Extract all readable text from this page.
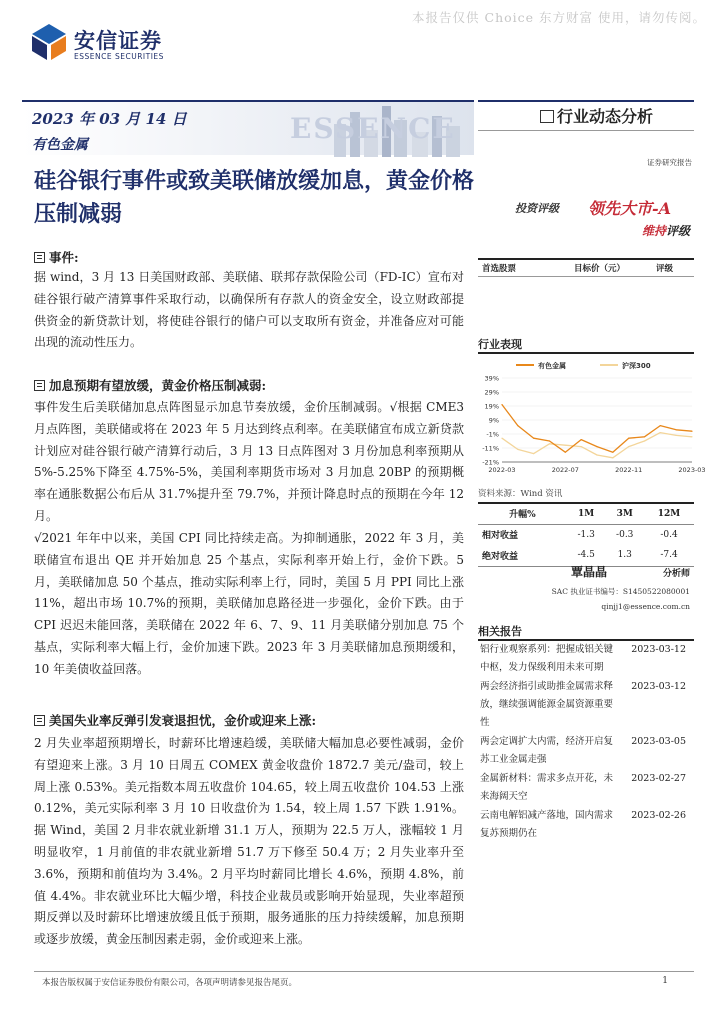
本报告仅供 Choice 东方财富 使用，请勿传阅。
安信证券
ESSENCE SECURITIES
ESSENCE
2023 年 03 月 14 日
有色金属
行业动态分析
证券研究报告
硅谷银行事件或致美联储放缓加息，黄金价格压制减弱	投资评级 领先大市-A
维持评级
事件:

据 wind，3 月 13 日美国财政部、美联储、联邦存款保险公司（FD-IC）宣布对硅谷银行破产清算事件采取行动，以确保所有存款人的资金安全，设立财政部提供资金的新贷款计划，将使硅谷银行的储户可以支取所有资金，并准备应对可能出现的流动性压力。

加息预期有望放缓，黄金价格压制减弱:

事件发生后美联储加息点阵图显示加息节奏放缓，金价压制减弱。√根据 CME3 月点阵图，美联储或将在 2023 年 5 月达到终点利率。在美联储宣布成立新贷款计划应对硅谷银行破产清算行动后，3 月 13 日点阵图对 3 月份加息利率预期从 5%-5.25%下降至 4.75%-5%，美国利率期货市场对 3 月加息 20BP 的预期概率在通胀数据公布后从 31.7%提升至 79.7%，并预计降息时点的预期在今年 12 月。

√2021 年年中以来，美国 CPI 同比持续走高。为抑制通胀，2022 年 3 月，美联储宣布退出 QE 并开始加息 25 个基点，实际利率开始上行，金价下跌。5 月，美联储加息 50 个基点，推动实际利率上行，同时，美国 5 月 PPI 同比上涨 11%，超出市场 10.7%的预期，美联储加息路径进一步强化，金价下跌。由于 CPI 迟迟未能回落，美联储在 2022 年 6、7、9、11 月美联储分别加息 75 个基点，实际利率大幅上行，金价加速下跌。2023 年 3 月美联储加息预期缓和，10 年美债收益回落。

美国失业率反弹引发衰退担忧，金价或迎来上涨:

2 月失业率超预期增长，时薪环比增速趋缓，美联储大幅加息必要性减弱，金价有望迎来上涨。3 月 10 日周五 COMEX 黄金收盘价 1872.7 美元/盎司，较上周上涨 0.53%。美元指数本周五收盘价 104.65，较上周五收盘价 104.53 上涨 0.12%，美元实际利率 3 月 10 日收盘价为 1.54，较上周 1.57 下跌 1.91%。据 Wind，美国 2 月非农就业新增 31.1 万人，预期为 22.5 万人，涨幅较 1 月明显收窄，1 月前值的非农就业新增 51.7 万下修至 50.4 万；2 月失业率升至 3.6%，预期和前值均为 3.4%。2 月平均时薪同比增长 4.6%，预期 4.8%，前值 4.4%。非农就业环比大幅少增，科技企业裁员或影响开始显现，失业率超预期反弹以及时薪环比增速放缓且低于预期，服务通胀的压力持续缓解，加息预期或逐步放缓，黄金压制因素走弱，金价或迎来上涨。

首选股票	目标价（元）	评级
行业表现
有色金属	沪深300
39%
29%
19%
9%
-1%
-11%
-21%
2022-03	2022-07	2022-11	2023-03
资料来源：Wind 资讯
升幅%	1M	3M	12M
相对收益	-1.3	-0.3	-0.4
绝对收益	-4.5	1.3	-7.4
覃晶晶	分析师
SAC 执业证书编号：S1450522080001
qinjj1@essence.com.cn
相关报告
铝行业观察系列：把握成铝关键中枢，发力保级利用未来可期
2023-03-12
两会经济指引或助推金属需求释放，继续强调能源金属资源重要性
2023-03-12
两会定调扩大内需，经济开启复苏工业金属走强
2023-03-05
金属新材料：需求多点开花，未来海阔天空
2023-02-27
云南电解铝减产落地，国内需求复苏预期仍在
2023-02-26
本报告版权属于安信证券股份有限公司，各项声明请参见报告尾页。	1
